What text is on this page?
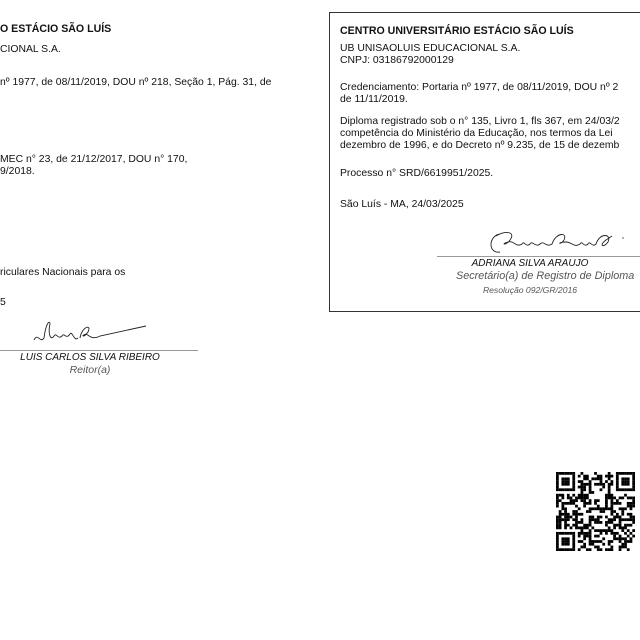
O ESTÁCIO SÃO LUÍS
CIONAL S.A.
nº 1977, de 08/11/2019, DOU nº 218, Seção 1, Pág. 31, de
MEC n° 23, de 21/12/2017, DOU n° 170,
9/2018.
riculares Nacionais para os
5
LUIS CARLOS SILVA RIBEIRO
Reitor(a)
CENTRO UNIVERSITÁRIO ESTÁCIO SÃO LUÍS
UB UNISAOLUIS EDUCACIONAL S.A.
CNPJ: 03186792000129
Credenciamento: Portaria nº 1977, de 08/11/2019, DOU nº 2
de 11/11/2019.
Diploma registrado sob o n° 135, Livro 1, fls 367, em 24/03/2
competência do Ministério da Educação, nos termos da Lei
dezembro de 1996, e do Decreto nº 9.235, de 15 de dezemb
Processo n° SRD/6619951/2025.
São Luís - MA, 24/03/2025
ADRIANA SILVA ARAUJO
Secretário(a) de Registro de Diploma
Resolução 092/GR/2016
